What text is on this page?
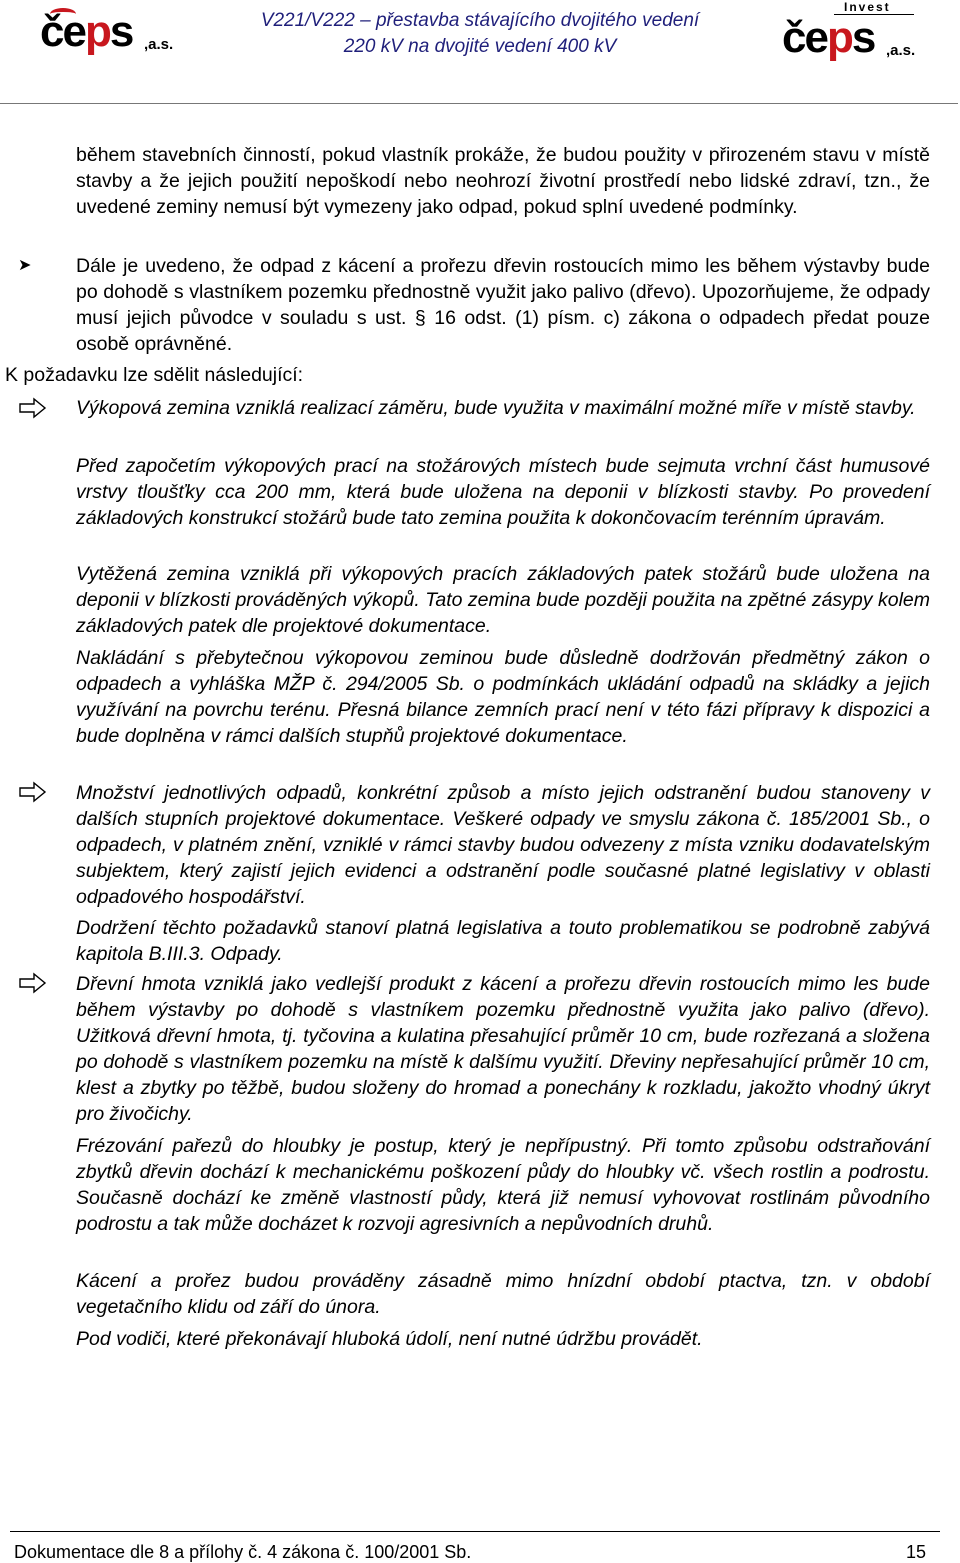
čeps ,a.s.
V221/V222 – přestavba stávajícího dvojitého vedení
220 kV na dvojité vedení 400 kV
Invest
čeps ,a.s.

během stavebních činností, pokud vlastník prokáže, že budou použity v přirozeném stavu v místě stavby a že jejich použití nepoškodí nebo neohrozí životní prostředí nebo lidské zdraví, tzn., že uvedené zeminy nemusí být vymezeny jako odpad, pokud splní uvedené podmínky.

➤ Dále je uvedeno, že odpad z kácení a prořezu dřevin rostoucích mimo les během výstavby bude po dohodě s vlastníkem pozemku přednostně využit jako palivo (dřevo). Upozorňujeme, že odpady musí jejich původce v souladu s ust. § 16 odst. (1) písm. c) zákona o odpadech předat pouze osobě oprávněné.

K požadavku lze sdělit následující:

Výkopová zemina vzniklá realizací záměru, bude využita v maximální možné míře v místě stavby.

Před započetím výkopových prací na stožárových místech bude sejmuta vrchní část humusové vrstvy tloušťky cca 200 mm, která bude uložena na deponii v blízkosti stavby. Po provedení základových konstrukcí stožárů bude tato zemina použita k dokončovacím terénním úpravám.

Vytěžená zemina vzniklá při výkopových pracích základových patek stožárů bude uložena na deponii v blízkosti prováděných výkopů. Tato zemina bude později použita na zpětné zásypy kolem základových patek dle projektové dokumentace.

Nakládání s přebytečnou výkopovou zeminou bude důsledně dodržován předmětný zákon o odpadech a vyhláška MŽP č. 294/2005 Sb. o podmínkách ukládání odpadů na skládky a jejich využívání na povrchu terénu. Přesná bilance zemních prací není v této fázi přípravy k dispozici a bude doplněna v rámci dalších stupňů projektové dokumentace.

Množství jednotlivých odpadů, konkrétní způsob a místo jejich odstranění budou stanoveny v dalších stupních projektové dokumentace. Veškeré odpady ve smyslu zákona č. 185/2001 Sb., o odpadech, v platném znění, vzniklé v rámci stavby budou odvezeny z místa vzniku dodavatelským subjektem, který zajistí jejich evidenci a odstranění podle současné platné legislativy v oblasti odpadového hospodářství.

Dodržení těchto požadavků stanoví platná legislativa a touto problematikou se podrobně zabývá kapitola B.III.3. Odpady.

Dřevní hmota vzniklá jako vedlejší produkt z kácení a prořezu dřevin rostoucích mimo les bude během výstavby po dohodě s vlastníkem pozemku přednostně využita jako palivo (dřevo). Užitková dřevní hmota, tj. tyčovina a kulatina přesahující průměr 10 cm, bude rozřezaná a složena po dohodě s vlastníkem pozemku na místě k dalšímu využití. Dřeviny nepřesahující průměr 10 cm, klest a zbytky po těžbě, budou složeny do hromad a ponechány k rozkladu, jakožto vhodný úkryt pro živočichy.

Frézování pařezů do hloubky je postup, který je nepřípustný. Při tomto způsobu odstraňování zbytků dřevin dochází k mechanickému poškození půdy do hloubky vč. všech rostlin a podrostu. Současně dochází ke změně vlastností půdy, která již nemusí vyhovovat rostlinám původního podrostu a tak může docházet k rozvoji agresivních a nepůvodních druhů.

Kácení a prořez budou prováděny zásadně mimo hnízdní období ptactva, tzn. v období vegetačního klidu od září do února.

Pod vodiči, které překonávají hluboká údolí, není nutné údržbu provádět.

Dokumentace dle 8 a přílohy č. 4 zákona č. 100/2001 Sb.	15
